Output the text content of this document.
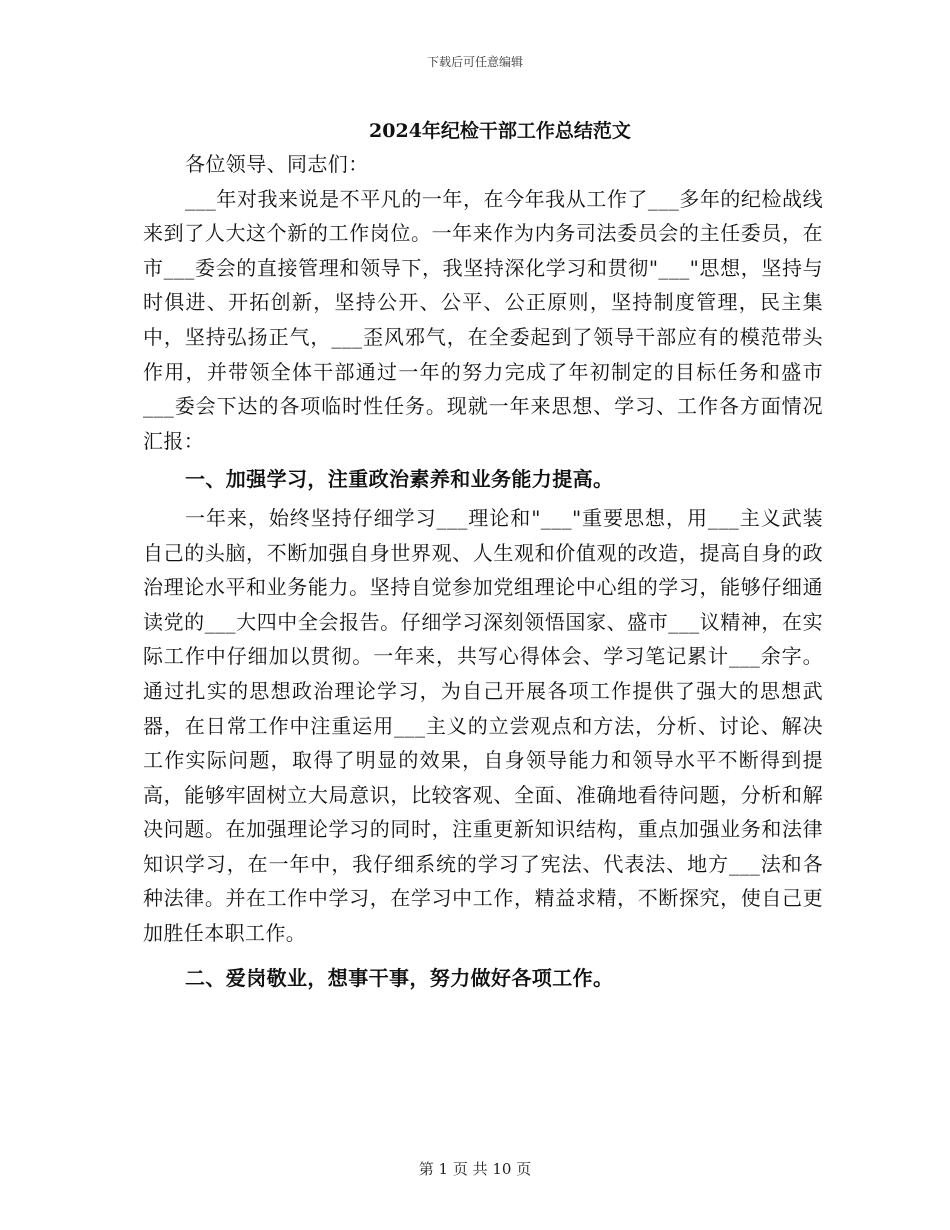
下载后可任意编辑
2024年纪检干部工作总结范文

各位领导、同志们：

___年对我来说是不平凡的一年，在今年我从工作了___多年的纪检战线来到了人大这个新的工作岗位。一年来作为内务司法委员会的主任委员，在市___委会的直接管理和领导下，我坚持深化学习和贯彻"___"思想，坚持与时俱进、开拓创新，坚持公开、公平、公正原则，坚持制度管理，民主集中，坚持弘扬正气，___歪风邪气，在全委起到了领导干部应有的模范带头作用，并带领全体干部通过一年的努力完成了年初制定的目标任务和盛市___委会下达的各项临时性任务。现就一年来思想、学习、工作各方面情况汇报：

一、加强学习，注重政治素养和业务能力提高。

一年来，始终坚持仔细学习___理论和"___"重要思想，用___主义武装自己的头脑，不断加强自身世界观、人生观和价值观的改造，提高自身的政治理论水平和业务能力。坚持自觉参加党组理论中心组的学习，能够仔细通读党的___大四中全会报告。仔细学习深刻领悟国家、盛市___议精神，在实际工作中仔细加以贯彻。一年来，共写心得体会、学习笔记累计___余字。通过扎实的思想政治理论学习，为自己开展各项工作提供了强大的思想武器，在日常工作中注重运用___主义的立尝观点和方法，分析、讨论、解决工作实际问题，取得了明显的效果，自身领导能力和领导水平不断得到提高，能够牢固树立大局意识，比较客观、全面、准确地看待问题，分析和解决问题。在加强理论学习的同时，注重更新知识结构，重点加强业务和法律知识学习，在一年中，我仔细系统的学习了宪法、代表法、地方___法和各种法律。并在工作中学习，在学习中工作，精益求精，不断探究，使自己更加胜任本职工作。

二、爱岗敬业，想事干事，努力做好各项工作。

第 1 页 共 10 页
